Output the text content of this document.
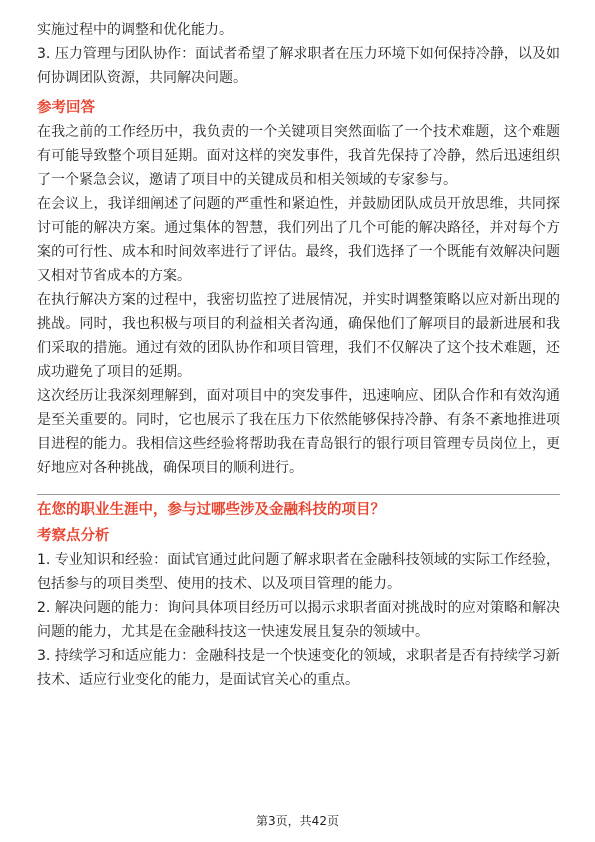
实施过程中的调整和优化能力。

3. 压力管理与团队协作：面试者希望了解求职者在压力环境下如何保持冷静，以及如何协调团队资源，共同解决问题。

参考回答

在我之前的工作经历中，我负责的一个关键项目突然面临了一个技术难题，这个难题有可能导致整个项目延期。面对这样的突发事件，我首先保持了冷静，然后迅速组织了一个紧急会议，邀请了项目中的关键成员和相关领域的专家参与。

在会议上，我详细阐述了问题的严重性和紧迫性，并鼓励团队成员开放思维，共同探讨可能的解决方案。通过集体的智慧，我们列出了几个可能的解决路径，并对每个方案的可行性、成本和时间效率进行了评估。最终，我们选择了一个既能有效解决问题又相对节省成本的方案。

在执行解决方案的过程中，我密切监控了进展情况，并实时调整策略以应对新出现的挑战。同时，我也积极与项目的利益相关者沟通，确保他们了解项目的最新进展和我们采取的措施。通过有效的团队协作和项目管理，我们不仅解决了这个技术难题，还成功避免了项目的延期。

这次经历让我深刻理解到，面对项目中的突发事件，迅速响应、团队合作和有效沟通是至关重要的。同时，它也展示了我在压力下依然能够保持冷静、有条不紊地推进项目进程的能力。我相信这些经验将帮助我在青岛银行的银行项目管理专员岗位上，更好地应对各种挑战，确保项目的顺利进行。

在您的职业生涯中，参与过哪些涉及金融科技的项目？

考察点分析

1. 专业知识和经验：面试官通过此问题了解求职者在金融科技领域的实际工作经验，包括参与的项目类型、使用的技术、以及项目管理的能力。

2. 解决问题的能力：询问具体项目经历可以揭示求职者面对挑战时的应对策略和解决问题的能力，尤其是在金融科技这一快速发展且复杂的领域中。

3. 持续学习和适应能力：金融科技是一个快速变化的领域，求职者是否有持续学习新技术、适应行业变化的能力，是面试官关心的重点。

第3页，共42页
